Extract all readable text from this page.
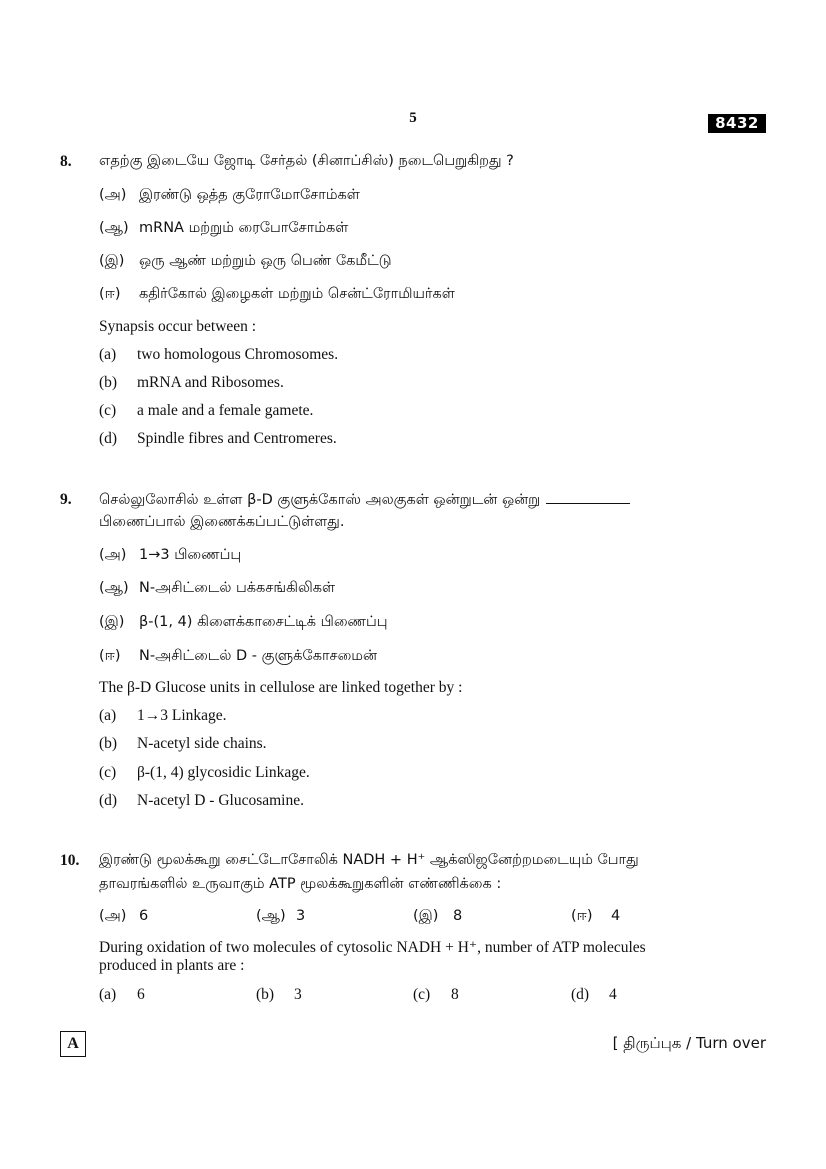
5	8432
8. எதற்கு இடையே ஜோடி சேர்தல் (சினாப்சிஸ்) நடைபெறுகிறது ?
(அ) இரண்டு ஒத்த குரோமோசோம்கள்
(ஆ) mRNA மற்றும் ரைபோசோம்கள்
(இ) ஒரு ஆண் மற்றும் ஒரு பெண் கேமீட்டு
(ஈ) கதிர்கோல் இழைகள் மற்றும் சென்ட்ரோமியர்கள்
Synapsis occur between :
(a) two homologous Chromosomes.
(b) mRNA and Ribosomes.
(c) a male and a female gamete.
(d) Spindle fibres and Centromeres.
9. செல்லுலோசில் உள்ள β-D குளுக்கோஸ் அலகுகள் ஒன்றுடன் ஒன்று
பிணைப்பால் இணைக்கப்பட்டுள்ளது.
(அ) 1→3 பிணைப்பு
(ஆ) N-அசிட்டைல் பக்கசங்கிலிகள்
(இ) β-(1, 4) கிளைக்காசைட்டிக் பிணைப்பு
(ஈ) N-அசிட்டைல் D - குளுக்கோசமைன்
The β-D Glucose units in cellulose are linked together by :
(a) 1→3 Linkage.
(b) N-acetyl side chains.
(c) β-(1, 4) glycosidic Linkage.
(d) N-acetyl D - Glucosamine.
10. இரண்டு மூலக்கூறு சைட்டோசோலிக் NADH + H⁺ ஆக்ஸிஜனேற்றமடையும் போது
தாவரங்களில் உருவாகும் ATP மூலக்கூறுகளின் எண்ணிக்கை :
(அ) 6	(ஆ) 3	(இ) 8	(ஈ) 4
During oxidation of two molecules of cytosolic NADH + H⁺, number of ATP molecules
produced in plants are :
(a) 6	(b) 3	(c) 8	(d) 4
A	[ திருப்புக / Turn over
